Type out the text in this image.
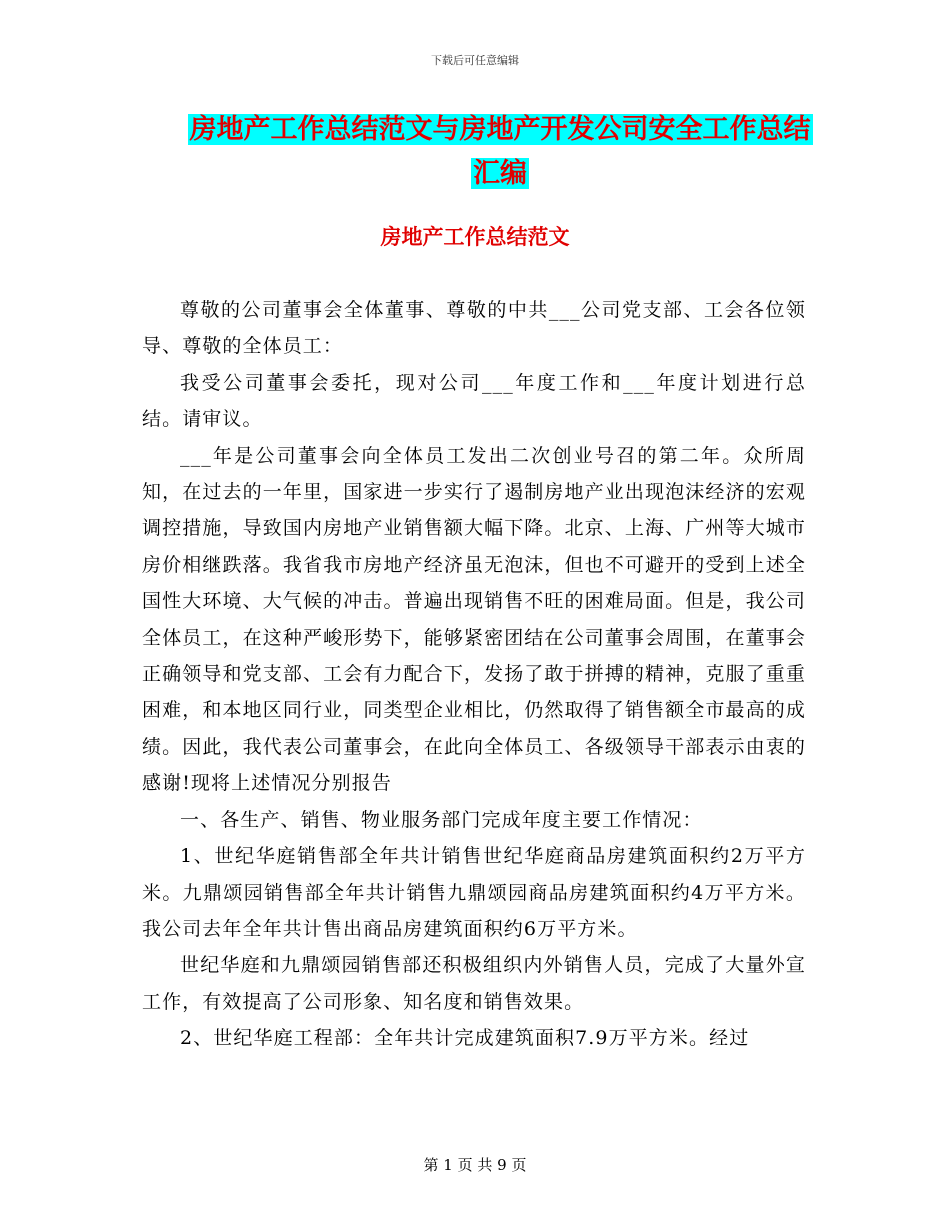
下载后可任意编辑
房地产工作总结范文与房地产开发公司安全工作总结
汇编
房地产工作总结范文

尊敬的公司董事会全体董事、尊敬的中共___公司党支部、工会各位领导、尊敬的全体员工：

我受公司董事会委托，现对公司___年度工作和___年度计划进行总结。请审议。

___年是公司董事会向全体员工发出二次创业号召的第二年。众所周知，在过去的一年里，国家进一步实行了遏制房地产业出现泡沫经济的宏观调控措施，导致国内房地产业销售额大幅下降。北京、上海、广州等大城市房价相继跌落。我省我市房地产经济虽无泡沫，但也不可避开的受到上述全国性大环境、大气候的冲击。普遍出现销售不旺的困难局面。但是，我公司全体员工，在这种严峻形势下，能够紧密团结在公司董事会周围，在董事会正确领导和党支部、工会有力配合下，发扬了敢于拼搏的精神，克服了重重困难，和本地区同行业，同类型企业相比，仍然取得了销售额全市最高的成绩。因此，我代表公司董事会，在此向全体员工、各级领导干部表示由衷的感谢!现将上述情况分别报告

一、各生产、销售、物业服务部门完成年度主要工作情况：

1、世纪华庭销售部全年共计销售世纪华庭商品房建筑面积约2万平方米。九鼎颂园销售部全年共计销售九鼎颂园商品房建筑面积约4万平方米。我公司去年全年共计售出商品房建筑面积约6万平方米。

世纪华庭和九鼎颂园销售部还积极组织内外销售人员，完成了大量外宣工作，有效提高了公司形象、知名度和销售效果。

2、世纪华庭工程部：全年共计完成建筑面积7.9万平方米。经过

第 1 页 共 9 页
